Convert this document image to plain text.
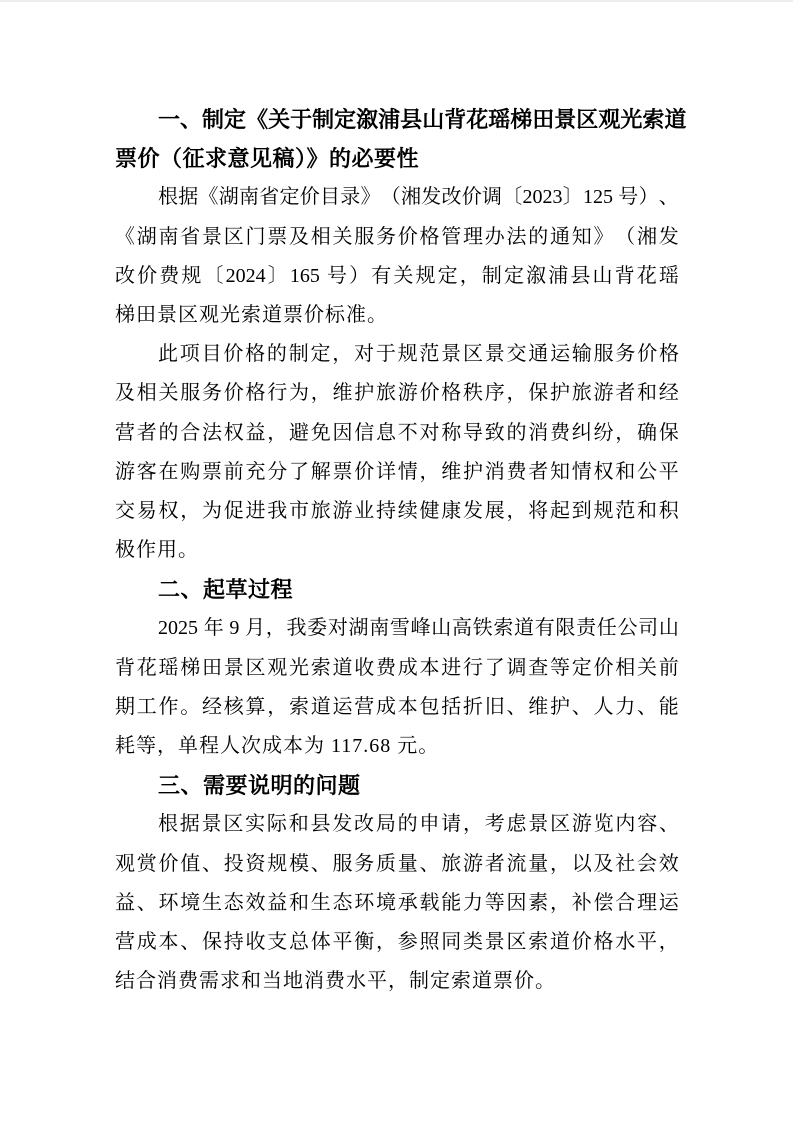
一 、 制 定 《 关 于 制 定 溆 浦 县 山 背 花 瑶 梯 田 景 区 观 光 索 道
票价（征求意见稿）》的必要性
根 据 《 湖 南 省 定 价 目 录 》 （ 湘 发 改 价 调 〔 2023 〕 125 号 ） 、
《 湖 南 省 景 区 门 票 及 相 关 服 务 价 格 管 理 办 法 的 通 知 》 （ 湘 发
改 价 费 规 〔 2024 〕 165 号 ） 有 关 规 定 ， 制 定 溆 浦 县 山 背 花 瑶
梯田景区观光索道票价标准。
此 项 目 价 格 的 制 定 ， 对 于 规 范 景 区 景 交 通 运 输 服 务 价 格
及 相 关 服 务 价 格 行 为 ， 维 护 旅 游 价 格 秩 序 ， 保 护 旅 游 者 和 经
营 者 的 合 法 权 益 ， 避 免 因 信 息 不 对 称 导 致 的 消 费 纠 纷 ， 确 保
游 客 在 购 票 前 充 分 了 解 票 价 详 情 ， 维 护 消 费 者 知 情 权 和 公 平
交 易 权 ， 为 促 进 我 市 旅 游 业 持 续 健 康 发 展 ， 将 起 到 规 范 和 积
极作用。
二、起草过程
2025 年 9 月 ， 我 委 对 湖 南 雪 峰 山 高 铁 索 道 有 限 责 任 公 司 山
背 花 瑶 梯 田 景 区 观 光 索 道 收 费 成 本 进 行 了 调 查 等 定 价 相 关 前
期 工 作 。 经 核 算 ， 索 道 运 营 成 本 包 括 折 旧 、 维 护 、 人 力 、 能
耗等，单程人次成本为 117.68 元。
三、需要说明的问题
根 据 景 区 实 际 和 县 发 改 局 的 申 请 ， 考 虑 景 区 游 览 内 容 、
观 赏 价 值 、 投 资 规 模 、 服 务 质 量 、 旅 游 者 流 量 ， 以 及 社 会 效
益 、 环 境 生 态 效 益 和 生 态 环 境 承 载 能 力 等 因 素 ， 补 偿 合 理 运
营 成 本 、 保 持 收 支 总 体 平 衡 ， 参 照 同 类 景 区 索 道 价 格 水 平 ，
结合消费需求和当地消费水平，制定索道票价。
